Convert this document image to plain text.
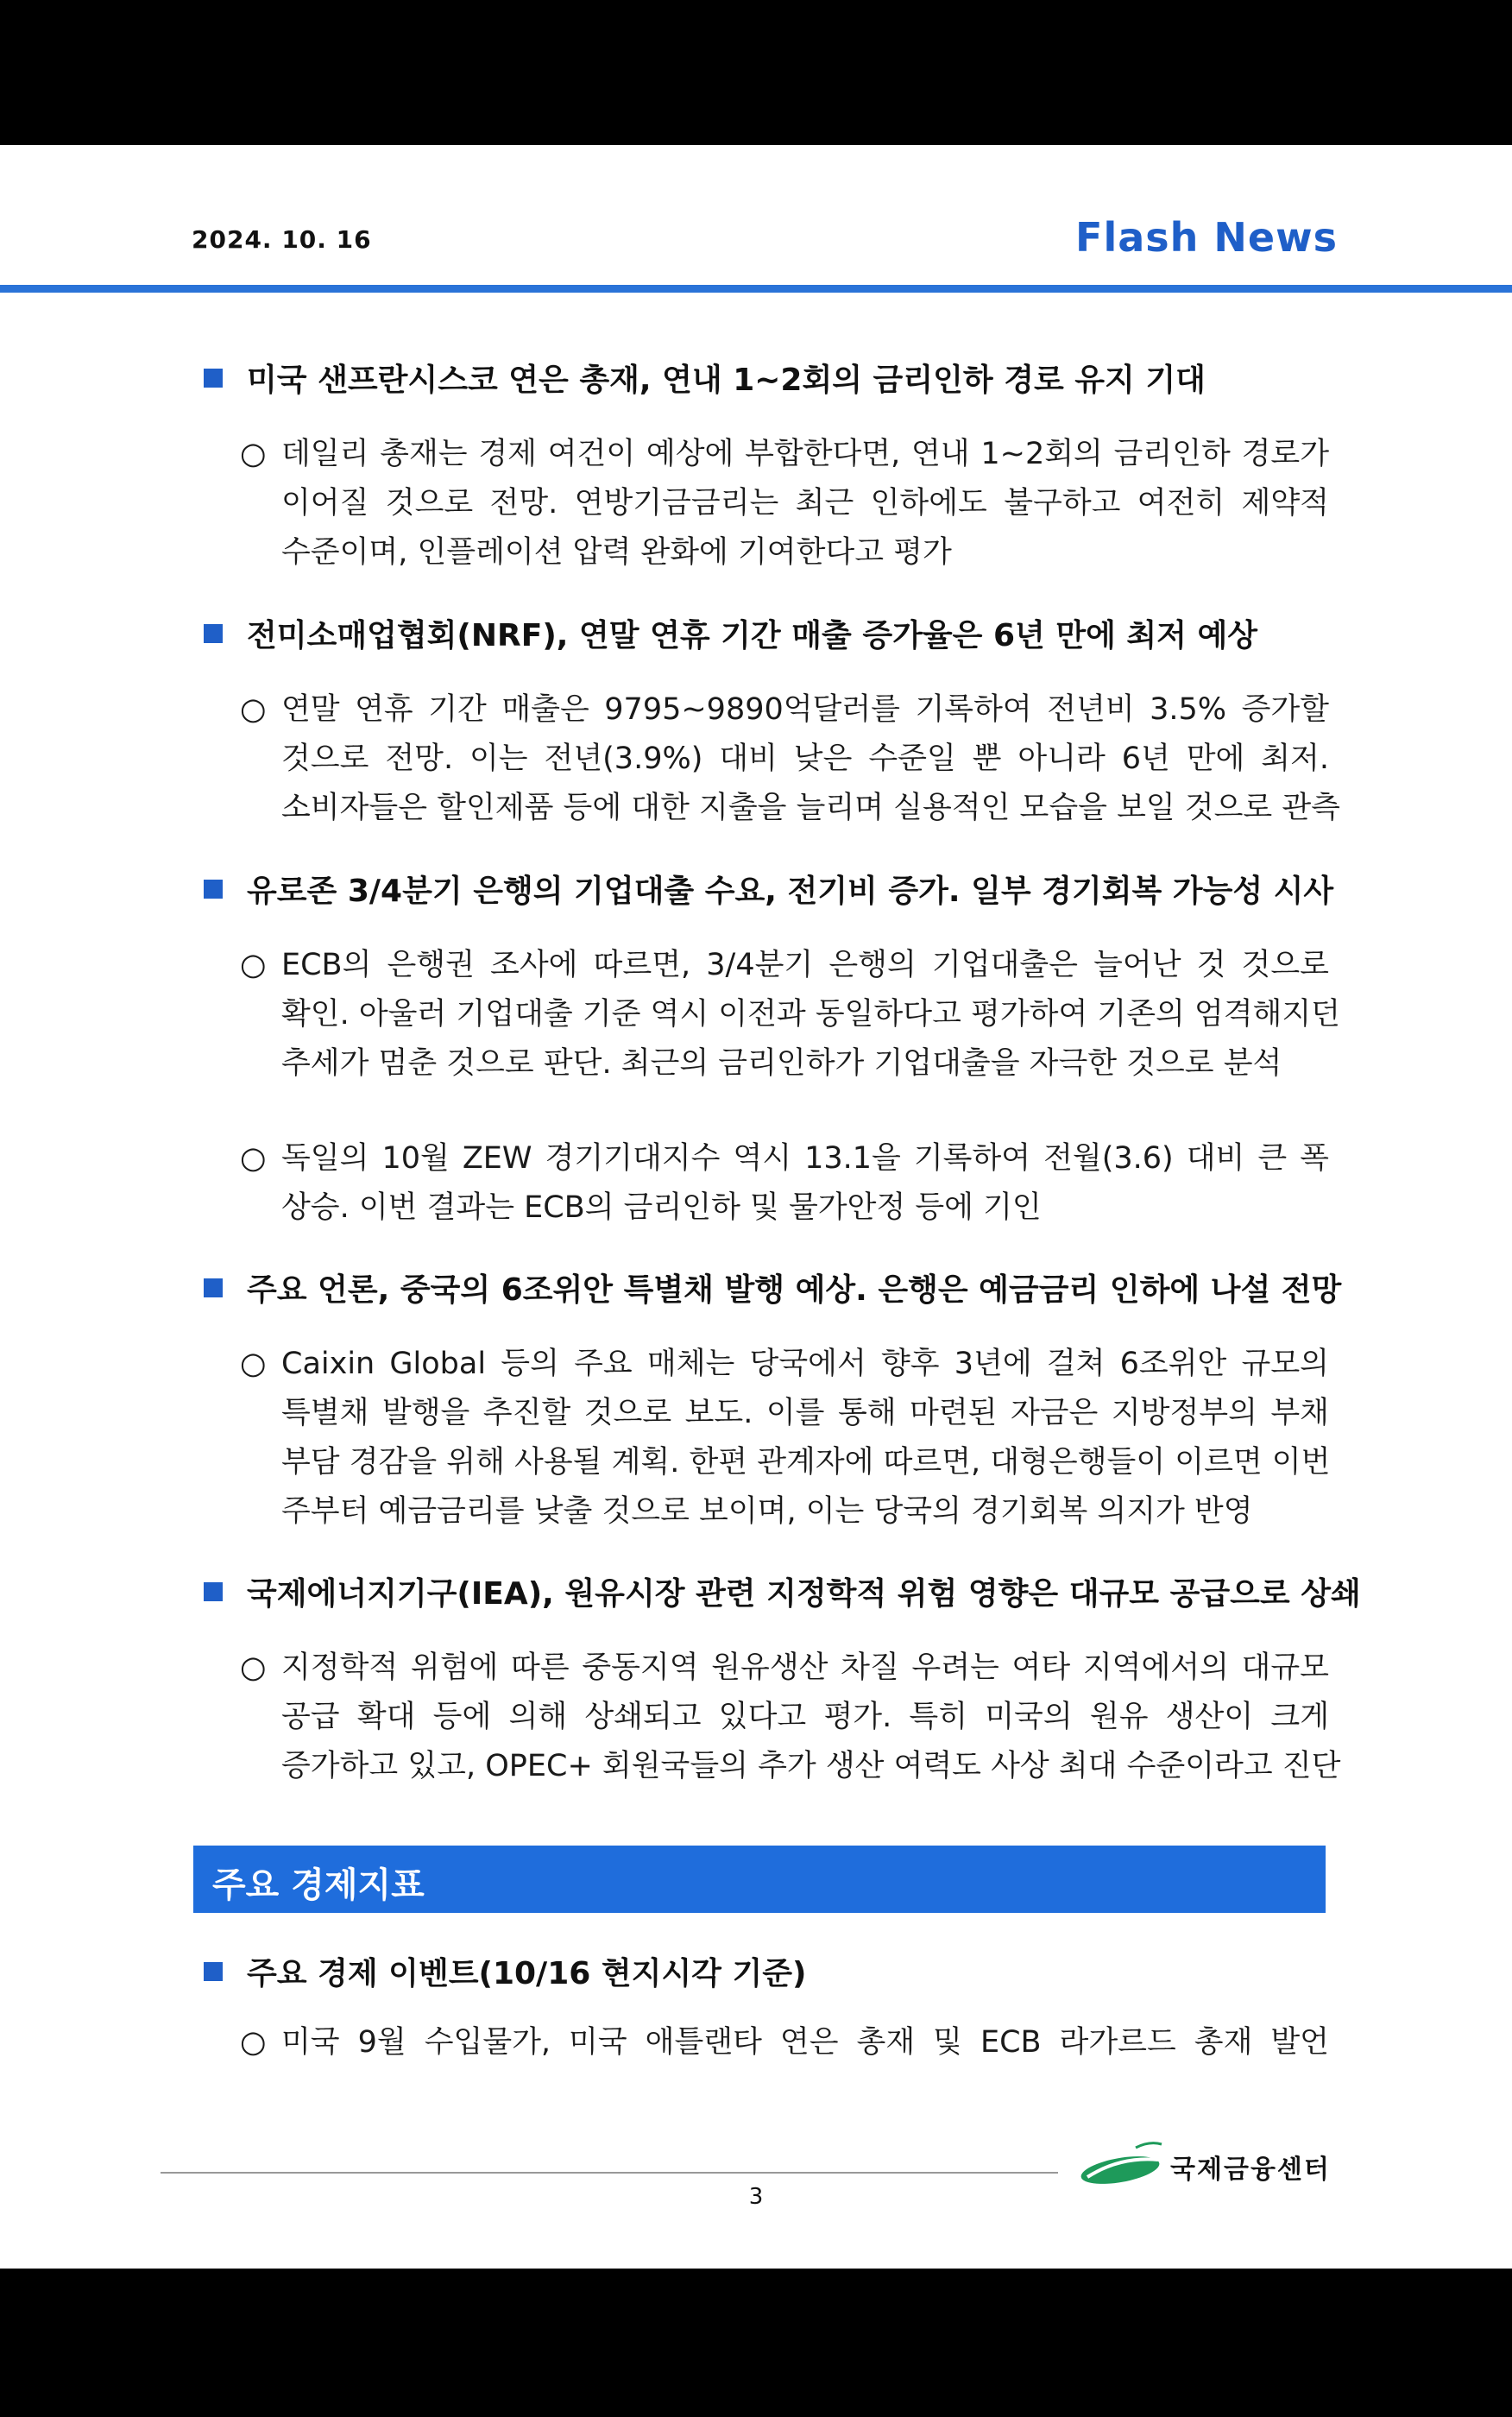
2024. 10. 16	Flash News
미국 샌프란시스코 연은 총재, 연내 1~2회의 금리인하 경로 유지 기대
○ 데일리 총재는 경제 여건이 예상에 부합한다면, 연내 1~2회의 금리인하 경로가
이어질 것으로 전망. 연방기금금리는 최근 인하에도 불구하고 여전히 제약적
수준이며, 인플레이션 압력 완화에 기여한다고 평가
전미소매업협회(NRF), 연말 연휴 기간 매출 증가율은 6년 만에 최저 예상
○ 연말 연휴 기간 매출은 9795~9890억달러를 기록하여 전년비 3.5% 증가할
것으로 전망. 이는 전년(3.9%) 대비 낮은 수준일 뿐 아니라 6년 만에 최저.
소비자들은 할인제품 등에 대한 지출을 늘리며 실용적인 모습을 보일 것으로 관측
유로존 3/4분기 은행의 기업대출 수요, 전기비 증가. 일부 경기회복 가능성 시사
○ ECB의 은행권 조사에 따르면, 3/4분기 은행의 기업대출은 늘어난 것 것으로
확인. 아울러 기업대출 기준 역시 이전과 동일하다고 평가하여 기존의 엄격해지던
추세가 멈춘 것으로 판단. 최근의 금리인하가 기업대출을 자극한 것으로 분석
○ 독일의 10월 ZEW 경기기대지수 역시 13.1을 기록하여 전월(3.6) 대비 큰 폭
상승. 이번 결과는 ECB의 금리인하 및 물가안정 등에 기인
주요 언론, 중국의 6조위안 특별채 발행 예상. 은행은 예금금리 인하에 나설 전망
○ Caixin Global 등의 주요 매체는 당국에서 향후 3년에 걸쳐 6조위안 규모의
특별채 발행을 추진할 것으로 보도. 이를 통해 마련된 자금은 지방정부의 부채
부담 경감을 위해 사용될 계획. 한편 관계자에 따르면, 대형은행들이 이르면 이번
주부터 예금금리를 낮출 것으로 보이며, 이는 당국의 경기회복 의지가 반영
국제에너지기구(IEA), 원유시장 관련 지정학적 위험 영향은 대규모 공급으로 상쇄
○ 지정학적 위험에 따른 중동지역 원유생산 차질 우려는 여타 지역에서의 대규모
공급 확대 등에 의해 상쇄되고 있다고 평가. 특히 미국의 원유 생산이 크게
증가하고 있고, OPEC+ 회원국들의 추가 생산 여력도 사상 최대 수준이라고 진단
주요 경제지표
주요 경제 이벤트(10/16 현지시각 기준)
○ 미국 9월 수입물가, 미국 애틀랜타 연은 총재 및 ECB 라가르드 총재 발언
국제금융센터
3
